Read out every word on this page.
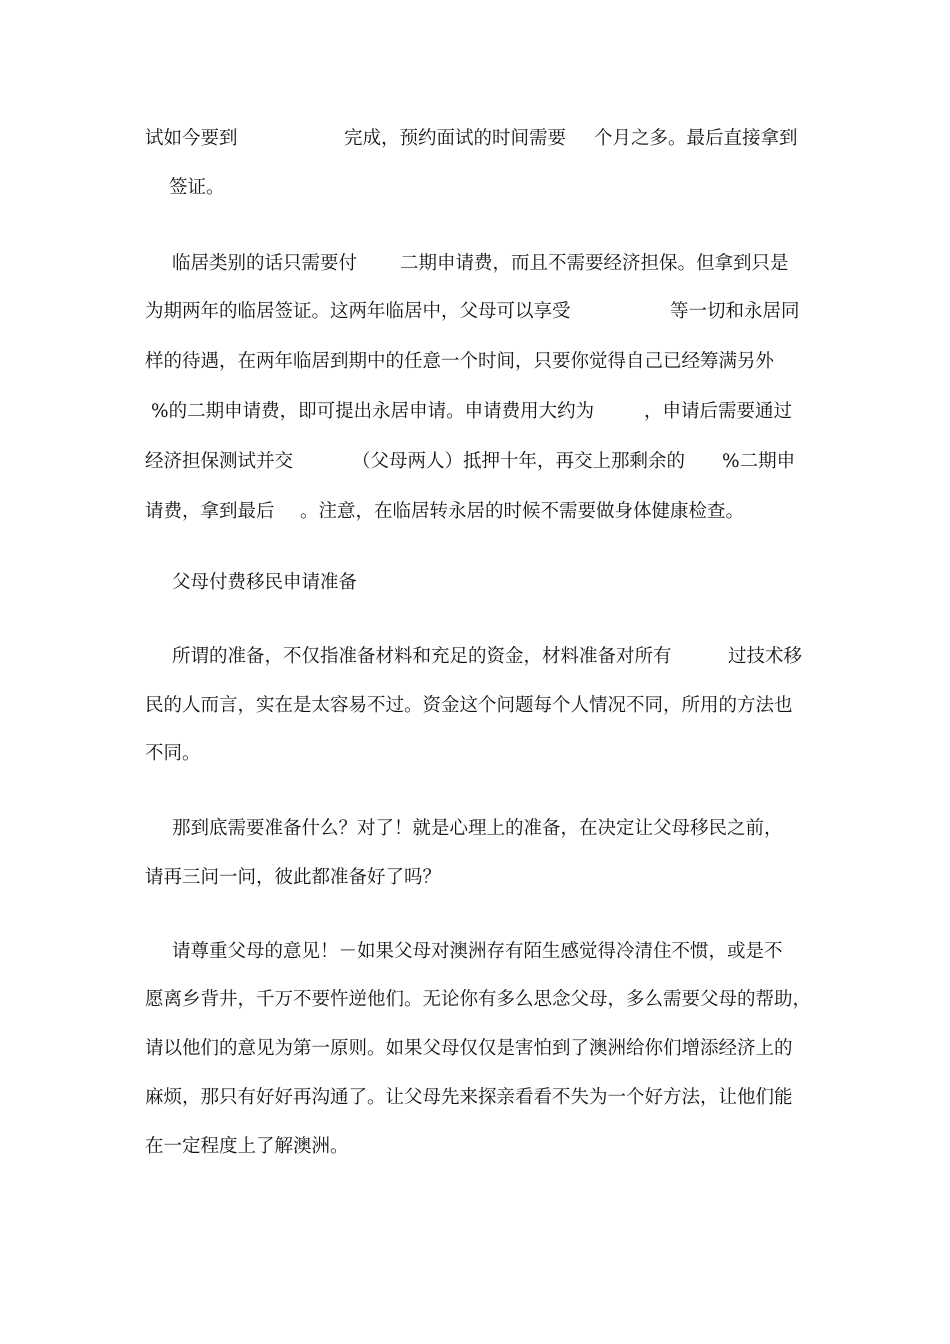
试如今要到

	完成，预约面试的时间需要

个月之多。最后直接拿到

签证。

临居类别的话只需要付

二期申请费，而且不需要经济担保。但拿到只是

为期两年的临居签证。这两年临居中，父母可以享受

	等一切和永居同

样的待遇，在两年临居到期中的任意一个时间，只要你觉得自己已经筹满另外

%的二期申请费，即可提出永居申请。申请费用大约为

	，申请后需要通过

经济担保测试并交

	（父母两人）抵押十年，再交上那剩余的

%二期申

请费，拿到最后

。注意，在临居转永居的时候不需要做身体健康检查。

父母付费移民申请准备

所谓的准备，不仅指准备材料和充足的资金，材料准备对所有

	过技术移

民的人而言，实在是太容易不过。资金这个问题每个人情况不同，所用的方法也

不同。

那到底需要准备什么？对了！就是心理上的准备，在决定让父母移民之前，

请再三问一问，彼此都准备好了吗？

请尊重父母的意见！－如果父母对澳洲存有陌生感觉得冷清住不惯，或是不

愿离乡背井，千万不要忤逆他们。无论你有多么思念父母，多么需要父母的帮助，

请以他们的意见为第一原则。如果父母仅仅是害怕到了澳洲给你们增添经济上的

麻烦，那只有好好再沟通了。让父母先来探亲看看不失为一个好方法，让他们能

在一定程度上了解澳洲。
